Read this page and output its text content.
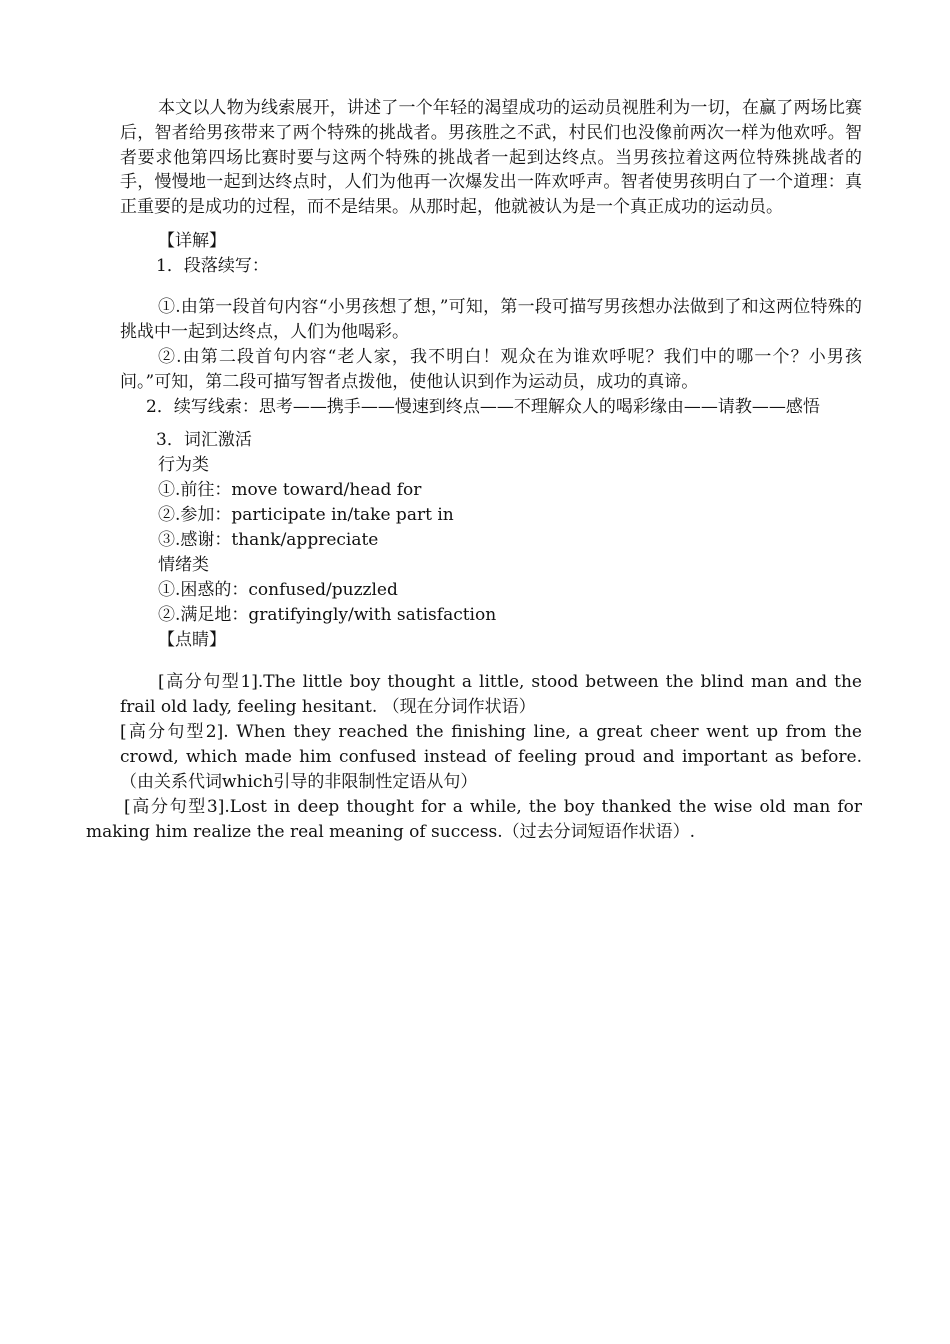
本文以人物为线索展开，讲述了一个年轻的渴望成功的运动员视胜利为一切，在赢了两场比赛后，智者给男孩带来了两个特殊的挑战者。男孩胜之不武，村民们也没像前两次一样为他欢呼。智者要求他第四场比赛时要与这两个特殊的挑战者一起到达终点。当男孩拉着这两位特殊挑战者的手，慢慢地一起到达终点时，人们为他再一次爆发出一阵欢呼声。智者使男孩明白了一个道理：真正重要的是成功的过程，而不是结果。从那时起，他就被认为是一个真正成功的运动员。

【详解】
1．段落续写：

①.由第一段首句内容“小男孩想了想，”可知，第一段可描写男孩想办法做到了和这两位特殊的挑战中一起到达终点，人们为他喝彩。

②.由第二段首句内容“老人家，我不明白！观众在为谁欢呼呢？我们中的哪一个？小男孩问。”可知，第二段可描写智者点拨他，使他认识到作为运动员，成功的真谛。

2．续写线索：思考——携手——慢速到终点——不理解众人的喝彩缘由——请教——感悟

3．词汇激活
行为类
①.前往：move toward/head for
②.参加：participate in/take part in
③.感谢：thank/appreciate
情绪类
①.困惑的：confused/puzzled
②.满足地：gratifyingly/with satisfaction
【点睛】

[高分句型1].The little boy thought a little, stood between the blind man and the frail old lady, feeling hesitant. （现在分词作状语）

[高分句型2]. When they reached the finishing line, a great cheer went up from the crowd, which made him confused instead of feeling proud and important as before. （由关系代词which引导的非限制性定语从句）

[高分句型3].Lost in deep thought for a while, the boy thanked the wise old man for making him realize the real meaning of success.（过去分词短语作状语）.
